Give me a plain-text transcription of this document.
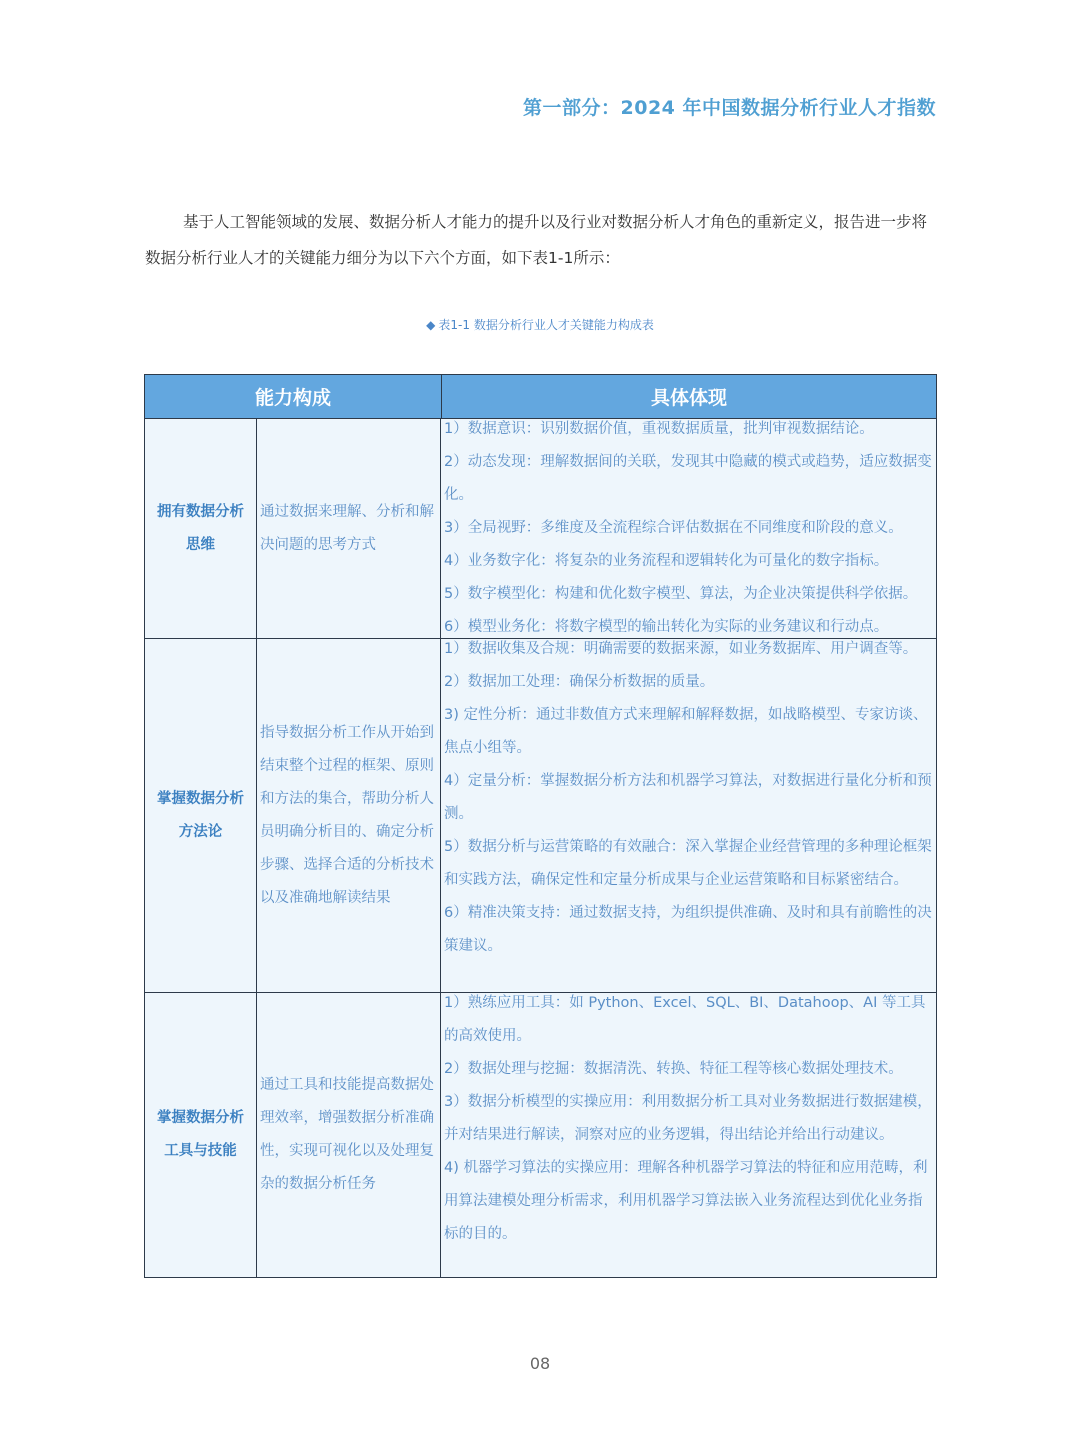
第一部分：2024 年中国数据分析行业人才指数

基于人工智能领域的发展、数据分析人才能力的提升以及行业对数据分析人才角色的重新定义，报告进一步将数据分析行业人才的关键能力细分为以下六个方面，如下表1-1所示：

◆ 表1-1 数据分析行业人才关键能力构成表
能力构成	具体体现
拥有数据分析思维
通过数据来理解、分析和解决问题的思考方式

1）数据意识：识别数据价值，重视数据质量，批判审视数据结论。

2）动态发现：理解数据间的关联，发现其中隐藏的模式或趋势，适应数据变化。

3）全局视野：多维度及全流程综合评估数据在不同维度和阶段的意义。

4）业务数字化：将复杂的业务流程和逻辑转化为可量化的数字指标。

5）数字模型化：构建和优化数字模型、算法，为企业决策提供科学依据。

6）模型业务化：将数字模型的输出转化为实际的业务建议和行动点。

掌握数据分析方法论
指导数据分析工作从开始到结束整个过程的框架、原则和方法的集合，帮助分析人员明确分析目的、确定分析步骤、选择合适的分析技术以及准确地解读结果

1）数据收集及合规：明确需要的数据来源，如业务数据库、用户调查等。

2）数据加工处理：确保分析数据的质量。

3) 定性分析：通过非数值方式来理解和解释数据，如战略模型、专家访谈、焦点小组等。

4）定量分析：掌握数据分析方法和机器学习算法，对数据进行量化分析和预测。

5）数据分析与运营策略的有效融合：深入掌握企业经营管理的多种理论框架和实践方法，确保定性和定量分析成果与企业运营策略和目标紧密结合。

6）精准决策支持：通过数据支持，为组织提供准确、及时和具有前瞻性的决策建议。

掌握数据分析工具与技能
通过工具和技能提高数据处理效率，增强数据分析准确性，实现可视化以及处理复杂的数据分析任务

1）熟练应用工具：如 Python、Excel、SQL、BI、Datahoop、AI 等工具的高效使用。

2）数据处理与挖掘：数据清洗、转换、特征工程等核心数据处理技术。

3）数据分析模型的实操应用：利用数据分析工具对业务数据进行数据建模，并对结果进行解读，洞察对应的业务逻辑，得出结论并给出行动建议。

4) 机器学习算法的实操应用：理解各种机器学习算法的特征和应用范畴，利用算法建模处理分析需求，利用机器学习算法嵌入业务流程达到优化业务指标的目的。

08
